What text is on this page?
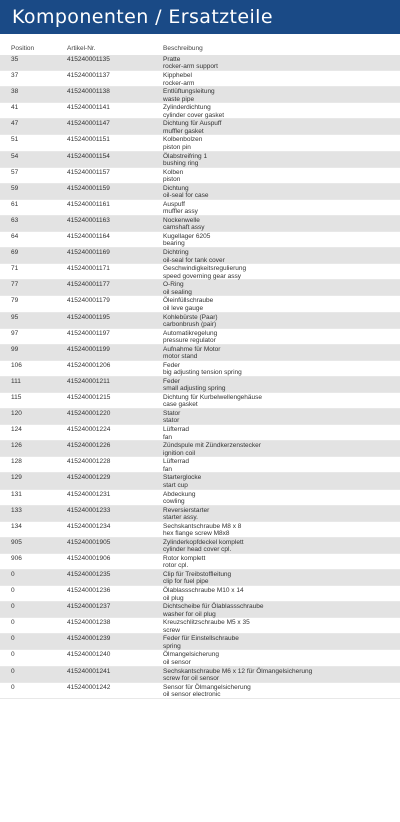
Komponenten / Ersatzteile
Position	Artikel-Nr.	Beschreibung
35	415240001135	Pratte
rocker-arm support
37	415240001137	Kipphebel
rocker-arm
38	415240001138	Entlüftungsleitung
waste pipe
41	415240001141	Zylinderdichtung
cylinder cover gasket
47	415240001147	Dichtung für Auspuff
muffler gasket
51	415240001151	Kolbenbolzen
piston pin
54	415240001154	Ölabstreifring 1
bushing ring
57	415240001157	Kolben
piston
59	415240001159	Dichtung
oil-seal for case
61	415240001161	Auspuff
muffler assy
63	415240001163	Nockenwelle
camshaft assy
64	415240001164	Kugellager 6205
bearing
69	415240001169	Dichtring
oil-seal for tank cover
71	415240001171	Geschwindigkeitsregulierung
speed governing gear assy
77	415240001177	O-Ring
oil sealing
79	415240001179	Öleinfüllschraube
oil leve gauge
95	415240001195	Kohlebürste (Paar)
carbonbrush (pair)
97	415240001197	Automatikregelung
pressure regulator
99	415240001199	Aufnahme für Motor
motor stand
106	415240001206	Feder
big adjusting tension spring
111	415240001211	Feder
small adjusting spring
115	415240001215	Dichtung für Kurbelwellengehäuse
case gasket
120	415240001220	Stator
stator
124	415240001224	Lüfterrad
fan
126	415240001226	Zündspule mit Zündkerzenstecker
ignition coil
128	415240001228	Lüfterrad
fan
129	415240001229	Starterglocke
start cup
131	415240001231	Abdeckung
cowling
133	415240001233	Reversierstarter
starter assy.
134	415240001234	Sechskantschraube M8 x 8
hex flange screw M8x8
905	415240001905	Zylinderkopfdeckel komplett
cylinder head cover cpl.
906	415240001906	Rotor komplett
rotor cpl.
0	415240001235	Clip für Treibstoffleitung
clip for fuel pipe
0	415240001236	Ölablassschraube M10 x 14
oil plug
0	415240001237	Dichtscheibe für Ölablassschraube
washer for oil plug
0	415240001238	Kreuzschlitzschraube M5 x 35
screw
0	415240001239	Feder für Einstellschraube
spring
0	415240001240	Ölmangelsicherung
oil sensor
0	415240001241	Sechskantschraube M6 x 12 für Ölmangelsicherung
screw for oil sensor
0	415240001242	Sensor für Ölmangelsicherung
oil sensor electronic
